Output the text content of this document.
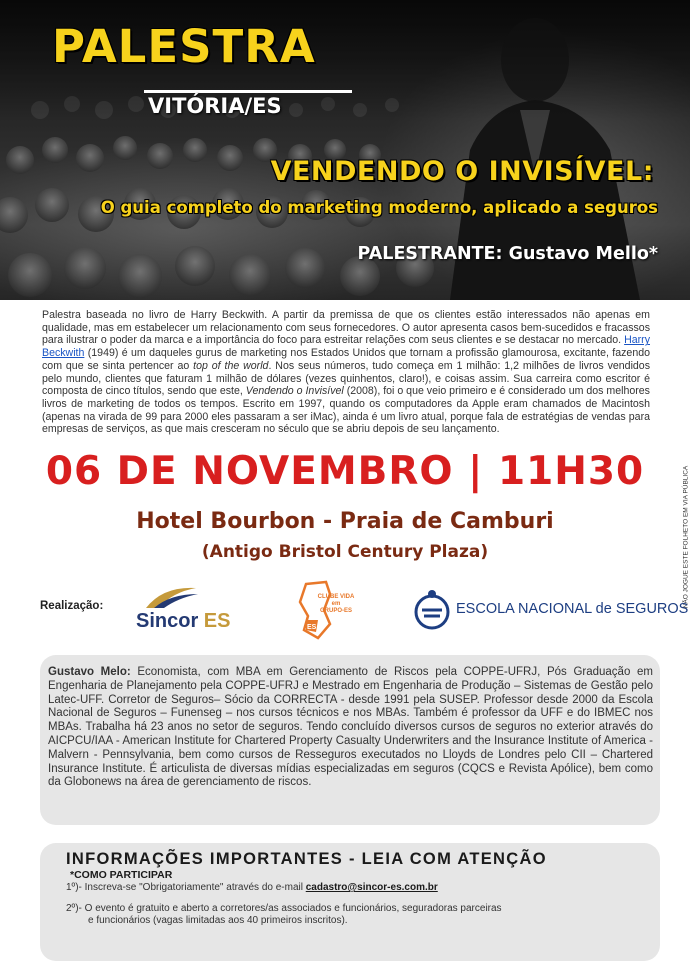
PALESTRA
VITÓRIA/ES
VENDENDO O INVISÍVEL:
O guia completo do marketing moderno, aplicado a seguros
PALESTRANTE: Gustavo Mello*

Palestra baseada no livro de Harry Beckwith. A partir da premissa de que os clientes estão interessados não apenas em qualidade, mas em estabelecer um relacionamento com seus fornecedores. O autor apresenta casos bem-sucedidos e fracassos para ilustrar o poder da marca e a importância do foco para estreitar relações com seus clientes e se destacar no mercado. Harry Beckwith (1949) é um daqueles gurus de marketing nos Estados Unidos que tornam a profissão glamourosa, excitante, fazendo com que se sinta pertencer ao top of the world. Nos seus números, tudo começa em 1 milhão: 1,2 milhões de livros vendidos pelo mundo, clientes que faturam 1 milhão de dólares (vezes quinhentos, claro!), e coisas assim. Sua carreira como escritor é composta de cinco títulos, sendo que este, Vendendo o Invisível (2008), foi o que veio primeiro e é considerado um dos melhores livros de marketing de todos os tempos. Escrito em 1997, quando os computadores da Apple eram chamados de Macintosh (apenas na virada de 99 para 2000 eles passaram a ser iMac), ainda é um livro atual, porque fala de estratégias de vendas para empresas de serviços, as que mais cresceram no século que se abriu depois de seu lançamento.

NÃO JOGUE ESTE FOLHETO EM VIA PÚBLICA
06 DE NOVEMBRO | 11H30
Hotel Bourbon - Praia de Camburi
(Antigo Bristol Century Plaza)
Realização:
Sincor ES	ES
CLUBE VIDA
em
GRUPO-ES	ESCOLA NACIONAL de SEGUROS

Gustavo Melo: Economista, com MBA em Gerenciamento de Riscos pela COPPE-UFRJ, Pós Graduação em Engenharia de Planejamento pela COPPE-UFRJ e Mestrado em Engenharia de Produção – Sistemas de Gestão pelo Latec-UFF. Corretor de Seguros– Sócio da CORRECTA - desde 1991 pela SUSEP. Professor desde 2000 da Escola Nacional de Seguros – Funenseg – nos cursos técnicos e nos MBAs. Também é professor da UFF e do IBMEC nos MBAs. Trabalha há 23 anos no setor de seguros. Tendo concluído diversos cursos de seguros no exterior através do AICPCU/IAA - American Institute for Chartered Property Casualty Underwriters and the Insurance Institute of America - Malvern - Pennsylvania, bem como cursos de Resseguros executados no Lloyds de Londres pelo CII – Chartered Insurance Institute. É articulista de diversas mídias especializadas em seguros (CQCS e Revista Apólice), bem como da Globonews na área de gerenciamento de riscos.

INFORMAÇÕES IMPORTANTES - LEIA COM ATENÇÃO
*COMO PARTICIPAR
1º)- Inscreva-se "Obrigatoriamente" através do e-mail cadastro@sincor-es.com.br
2º)- O evento é gratuito e aberto a corretores/as associados e funcionários, seguradoras parceiras
e funcionários (vagas limitadas aos 40 primeiros inscritos).
